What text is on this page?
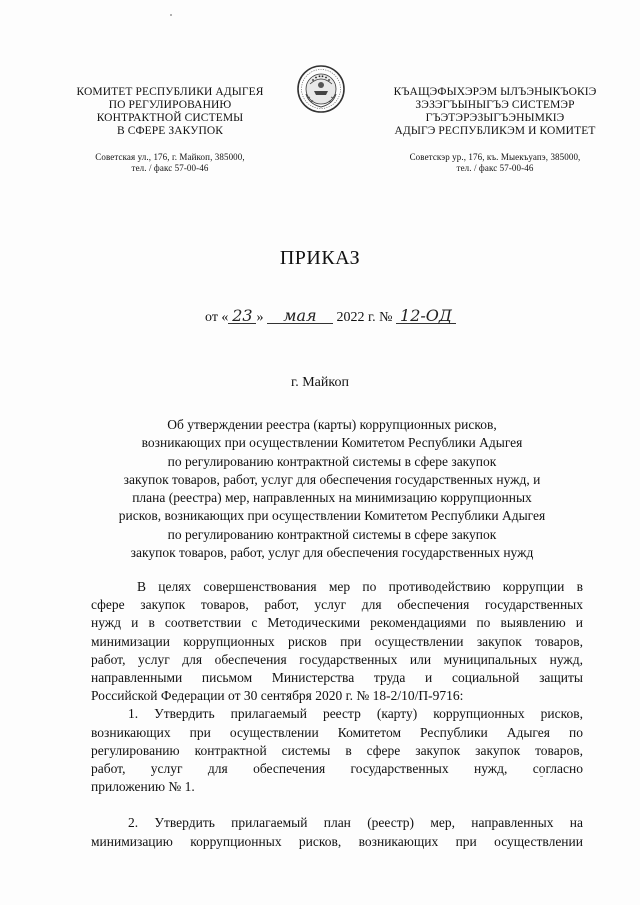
КОМИТЕТ РЕСПУБЛИКИ АДЫГЕЯ
ПО РЕГУЛИРОВАНИЮ
КОНТРАКТНОЙ СИСТЕМЫ
В СФЕРЕ ЗАКУПОК
Советская ул., 176, г. Майкоп, 385000,
тел. / факс 57-00-46
КЪАЩЭФЫХЭРЭМ ЫЛЪЭНЫКЪОКIЭ
ЗЭЗЭГЪЫНЫГЪЭ СИСТЕМЭР
ГЪЭТЭРЭЗЫГЪЭНЫМКIЭ
АДЫГЭ РЕСПУБЛИКЭМ И КОМИТЕТ
Советскэр ур., 176, къ. Мыекъуапэ, 385000,
тел. / факс 57-00-46
ПРИКАЗ
от « 23 » мая 2022 г. № 12-ОД
г. Майкоп
Об утверждении реестра (карты) коррупционных рисков,
возникающих при осуществлении Комитетом Республики Адыгея
по регулированию контрактной системы в сфере закупок
закупок товаров, работ, услуг для обеспечения государственных нужд, и
плана (реестра) мер, направленных на минимизацию коррупционных
рисков, возникающих при осуществлении Комитетом Республики Адыгея
по регулированию контрактной системы в сфере закупок
закупок товаров, работ, услуг для обеспечения государственных нужд
В целях совершенствования мер по противодействию коррупции в
сфере закупок товаров, работ, услуг для обеспечения государственных
нужд и в соответствии с Методическими рекомендациями по выявлению и
минимизации коррупционных рисков при осуществлении закупок товаров,
работ, услуг для обеспечения государственных или муниципальных нужд,
направленными письмом Министерства труда и социальной защиты
Российской Федерации от 30 сентября 2020 г. № 18-2/10/П-9716:
1. Утвердить прилагаемый реестр (карту) коррупционных рисков,
возникающих при осуществлении Комитетом Республики Адыгея по
регулированию контрактной системы в сфере закупок закупок товаров,
работ, услуг для обеспечения государственных нужд, согласно
приложению № 1.
2. Утвердить прилагаемый план (реестр) мер, направленных на
минимизацию коррупционных рисков, возникающих при осуществлении
